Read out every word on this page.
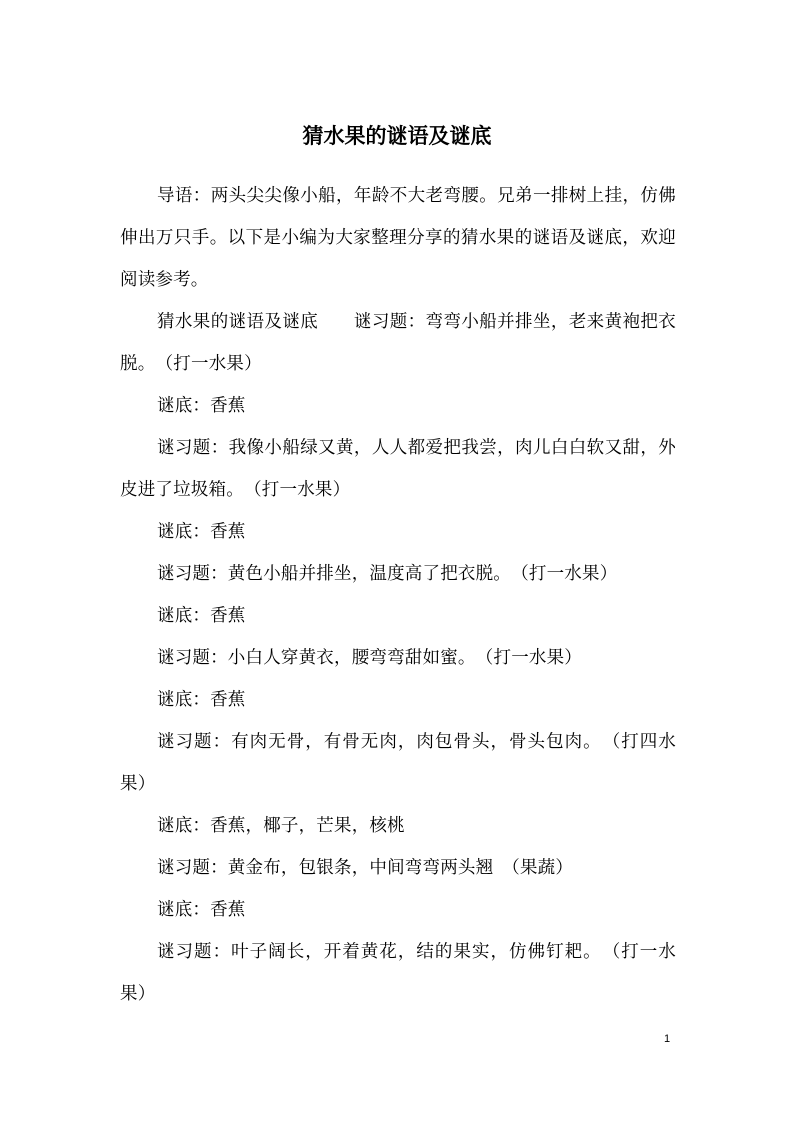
猜水果的谜语及谜底

导语：两头尖尖像小船，年龄不大老弯腰。兄弟一排树上挂，仿佛伸出万只手。以下是小编为大家整理分享的猜水果的谜语及谜底，欢迎阅读参考。

猜水果的谜语及谜底　　谜习题：弯弯小船并排坐，老来黄袍把衣脱。　（打一水果）

谜底：香蕉

谜习题：我像小船绿又黄，人人都爱把我尝，肉儿白白软又甜，外皮进了垃圾箱。　（打一水果）

谜底：香蕉

谜习题：黄色小船并排坐，温度高了把衣脱。　（打一水果）

谜底：香蕉

谜习题：小白人穿黄衣，腰弯弯甜如蜜。　（打一水果）

谜底：香蕉

谜习题：有肉无骨，有骨无肉，肉包骨头，骨头包肉。　（打四水果）

谜底：香蕉，椰子，芒果，核桃

谜习题：黄金布，包银条，中间弯弯两头翘　（果蔬）

谜底：香蕉

谜习题：叶子阔长，开着黄花，结的果实，仿佛钉耙。　（打一水果）

1
